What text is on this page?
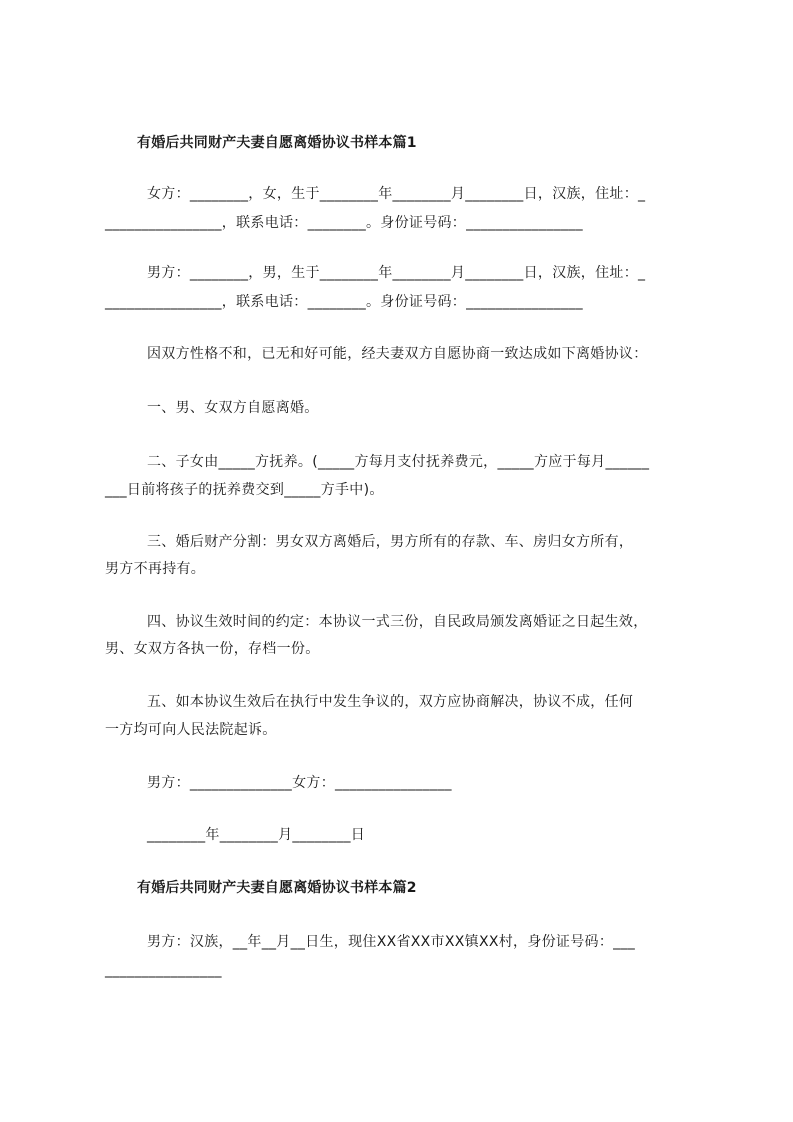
有婚后共同财产夫妻自愿离婚协议书样本篇1
女方：________，女，生于________年________月________日，汉族，住址：_
________________，联系电话：________。身份证号码：________________
男方：________，男，生于________年________月________日，汉族，住址：_
________________，联系电话：________。身份证号码：________________
因双方性格不和，已无和好可能，经夫妻双方自愿协商一致达成如下离婚协议：
一、男、女双方自愿离婚。
二、子女由_____方抚养。(_____方每月支付抚养费元，_____方应于每月______
___日前将孩子的抚养费交到_____方手中)。
三、婚后财产分割：男女双方离婚后，男方所有的存款、车、房归女方所有，
男方不再持有。
四、协议生效时间的约定：本协议一式三份，自民政局颁发离婚证之日起生效，
男、女双方各执一份，存档一份。
五、如本协议生效后在执行中发生争议的，双方应协商解决，协议不成，任何
一方均可向人民法院起诉。
男方：______________女方：________________
________年________月________日
有婚后共同财产夫妻自愿离婚协议书样本篇2
男方：汉族，__年__月__日生，现住XX省XX市XX镇XX村，身份证号码：___
________________
